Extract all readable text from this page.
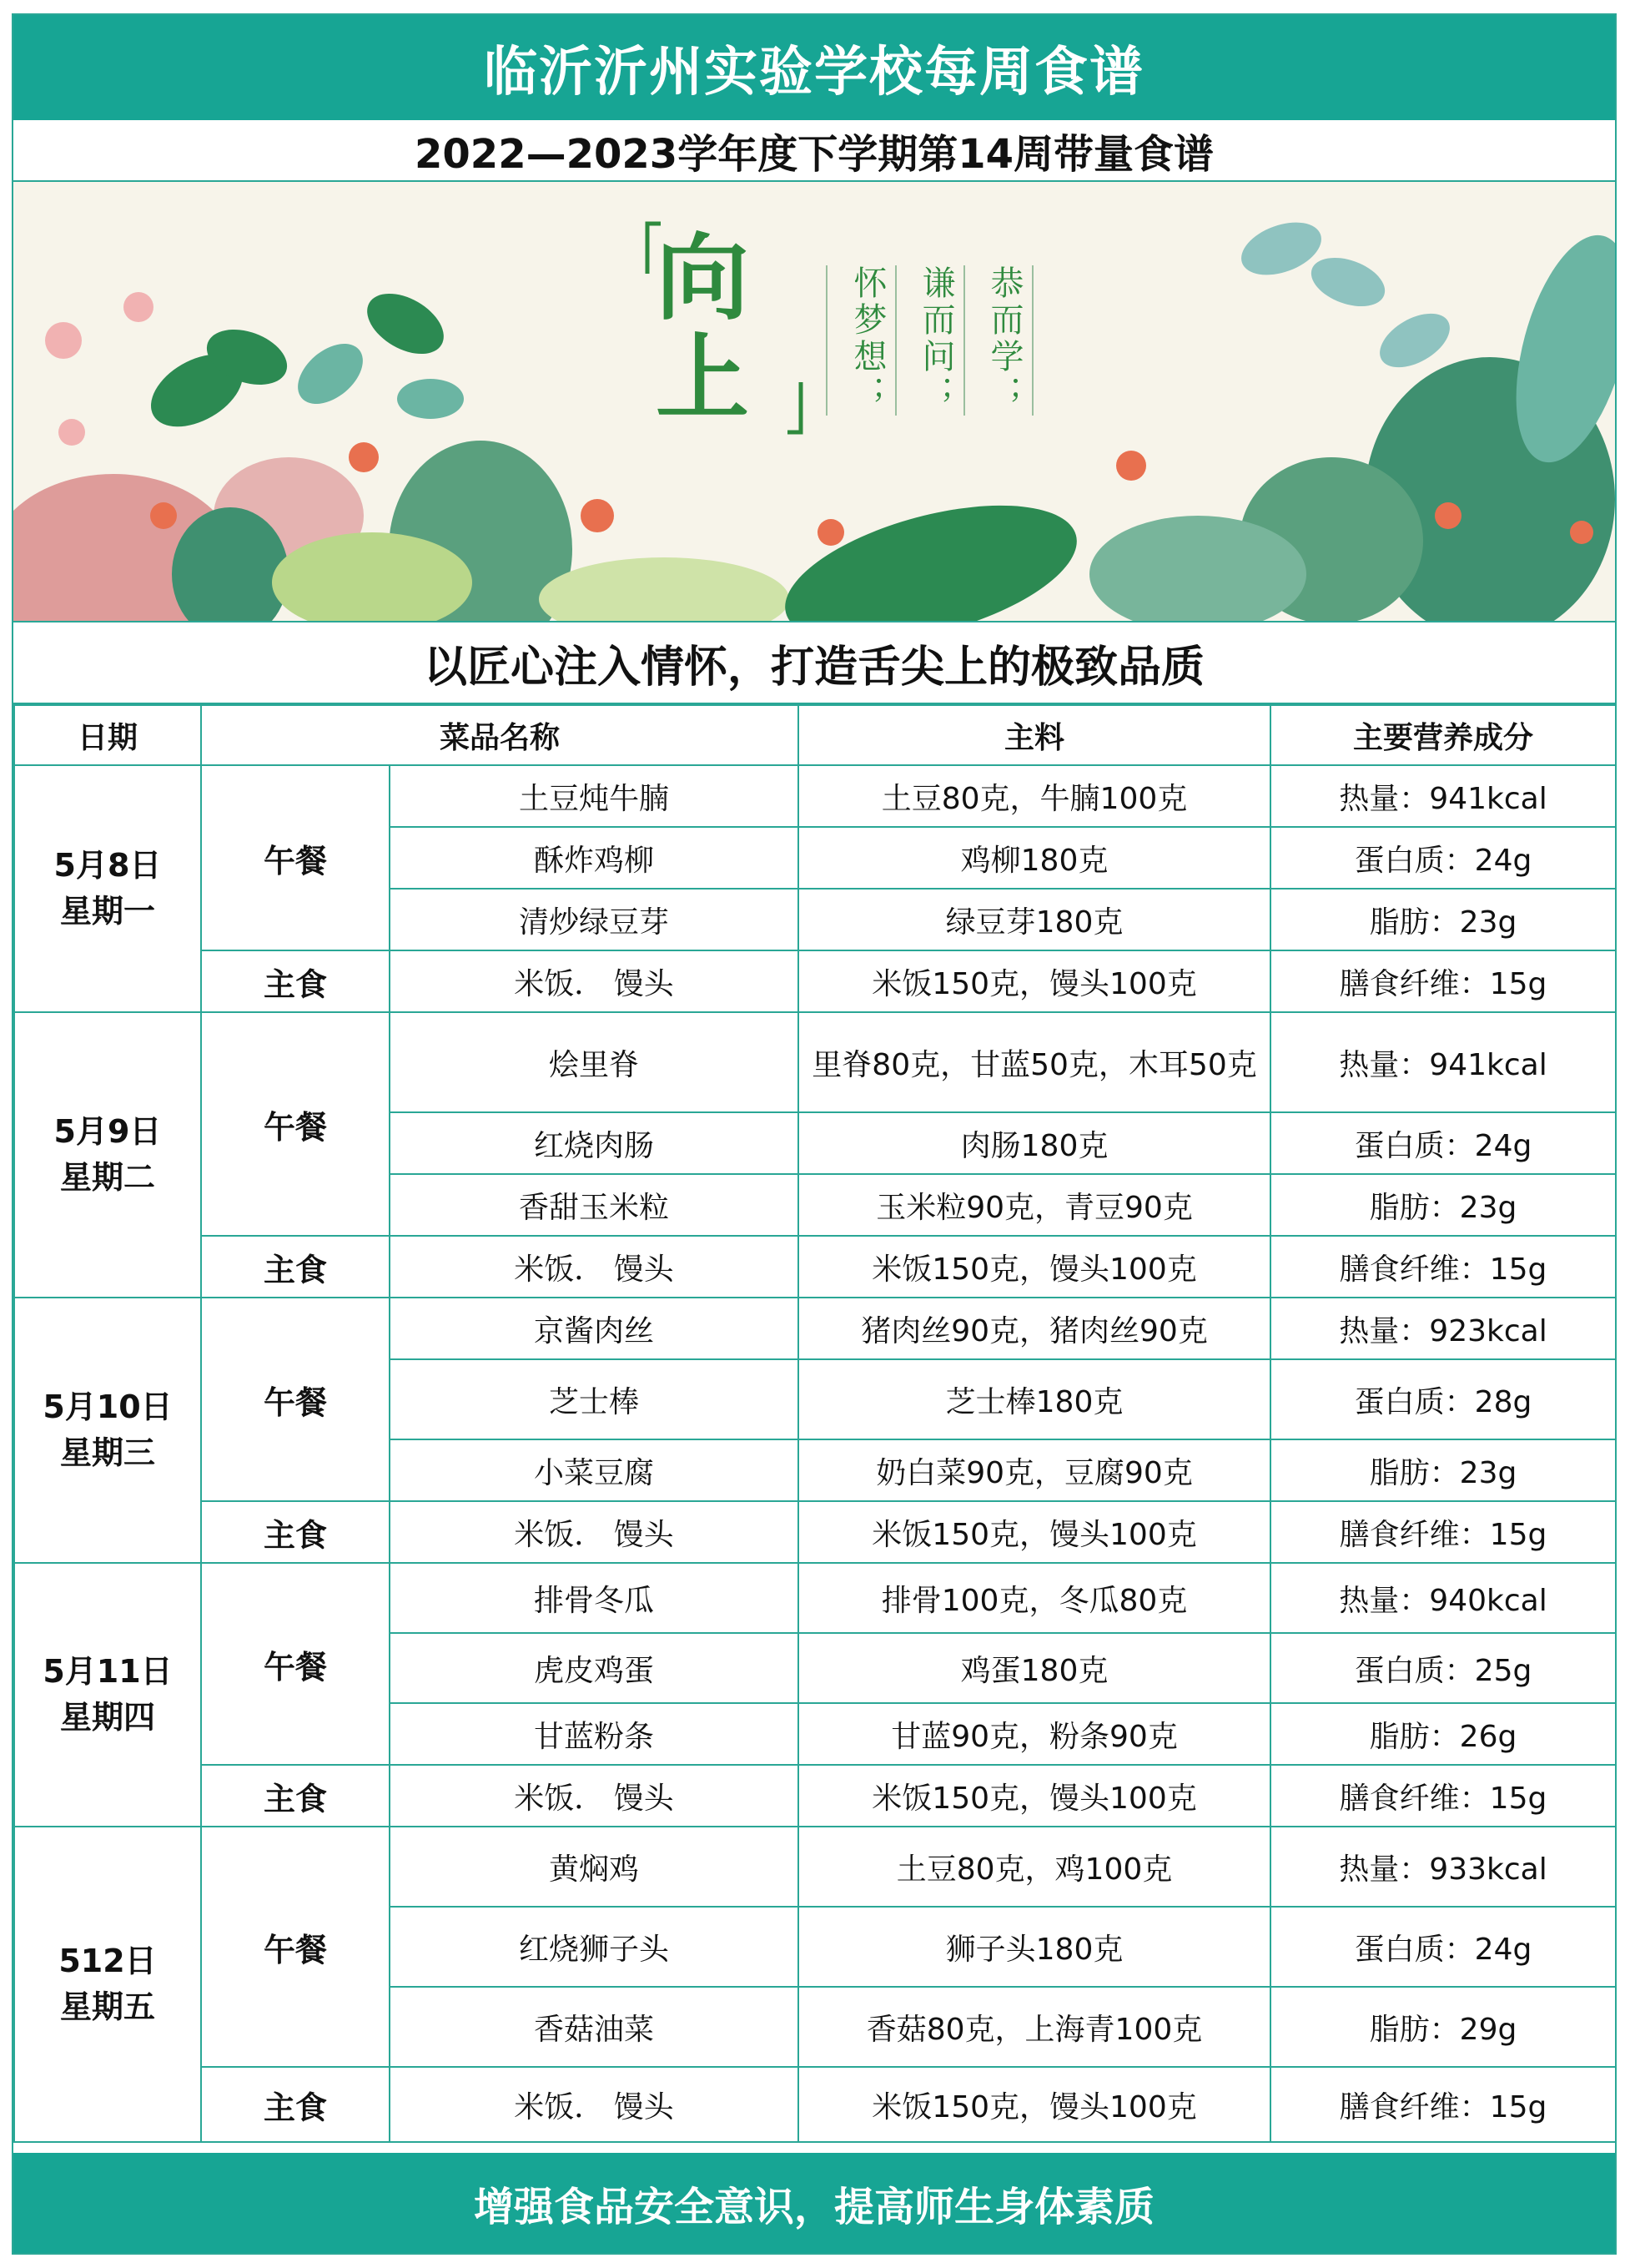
临沂沂州实验学校每周食谱
2022—2023学年度下学期第14周带量食谱
向
上	恭而学；
谦而问；
怀梦想；
以匠心注入情怀，打造舌尖上的极致品质
日期	菜品名称		主料	主要营养成分

5月8日
星期一	午餐	土豆炖牛腩	土豆80克，牛腩100克	热量：941kcal
		酥炸鸡柳	鸡柳180克	蛋白质：24g
		清炒绿豆芽	绿豆芽180克	脂肪：23g
	主食	米饭． 馒头	米饭150克，馒头100克	膳食纤维：15g

5月9日
星期二	午餐	烩里脊	里脊80克，甘蓝50克，木耳50克	热量：941kcal
		红烧肉肠	肉肠180克	蛋白质：24g
		香甜玉米粒	玉米粒90克，青豆90克	脂肪：23g
	主食	米饭． 馒头	米饭150克，馒头100克	膳食纤维：15g

5月10日
星期三	午餐	京酱肉丝	猪肉丝90克，猪肉丝90克	热量：923kcal
		芝士棒	芝士棒180克	蛋白质：28g
		小菜豆腐	奶白菜90克，豆腐90克	脂肪：23g
	主食	米饭． 馒头	米饭150克，馒头100克	膳食纤维：15g

5月11日
星期四	午餐	排骨冬瓜	排骨100克，冬瓜80克	热量：940kcal
		虎皮鸡蛋	鸡蛋180克	蛋白质：25g
		甘蓝粉条	甘蓝90克，粉条90克	脂肪：26g
	主食	米饭． 馒头	米饭150克，馒头100克	膳食纤维：15g

512日
星期五	午餐	黄焖鸡	土豆80克，鸡100克	热量：933kcal
		红烧狮子头	狮子头180克	蛋白质：24g
		香菇油菜	香菇80克，上海青100克	脂肪：29g
	主食	米饭． 馒头	米饭150克，馒头100克	膳食纤维：15g
增强食品安全意识，提高师生身体素质
